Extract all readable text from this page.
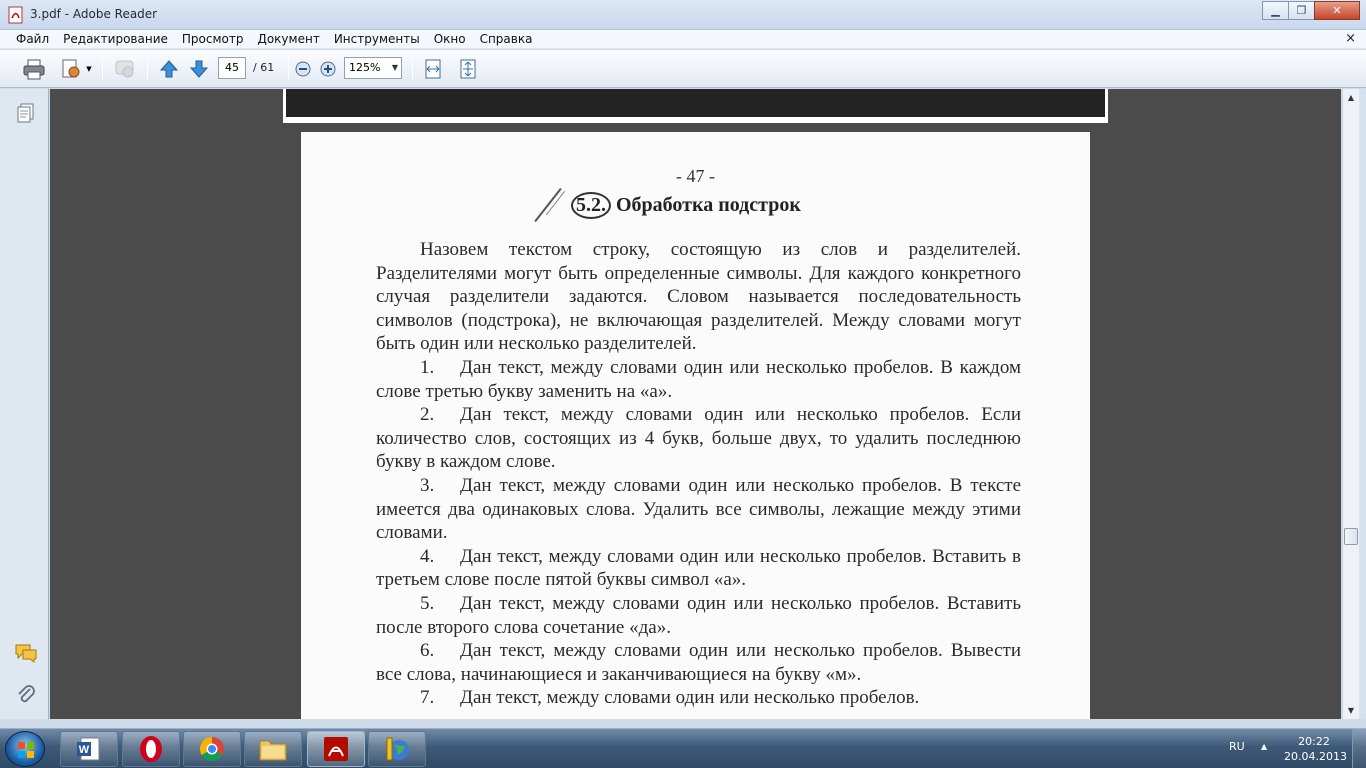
3.pdf - Adobe Reader	▁ ❐ ✕
Файл	Редактирование	Просмотр	Документ	Инструменты	Окно	Справка	×
▼	45	/ 61	125% ▼
- 47 -
5.2. Обработка подстрок

Назовем текстом строку, состоящую из слов и разделителей. Разделителями могут быть определенные символы. Для каждого конкретного случая разделители задаются. Словом называется последовательность символов (подстрока), не включающая разделителей. Между словами могут быть один или несколько разделителей.

1. Дан текст, между словами один или несколько пробелов. В каждом слове третью букву заменить на «а».

2. Дан текст, между словами один или несколько пробелов. Если количество слов, состоящих из 4 букв, больше двух, то удалить последнюю букву в каждом слове.

3. Дан текст, между словами один или несколько пробелов. В тексте имеется два одинаковых слова. Удалить все символы, лежащие между этими словами.

4. Дан текст, между словами один или несколько пробелов. Вставить в третьем слове после пятой буквы символ «а».

5. Дан текст, между словами один или несколько пробелов. Вставить после второго слова сочетание «да».

6. Дан текст, между словами один или несколько пробелов. Вывести все слова, начинающиеся и заканчивающиеся на букву «м».

7. Дан текст, между словами один или несколько пробелов.

▲
▼
W	RU ▲	20:22
20.04.2013
